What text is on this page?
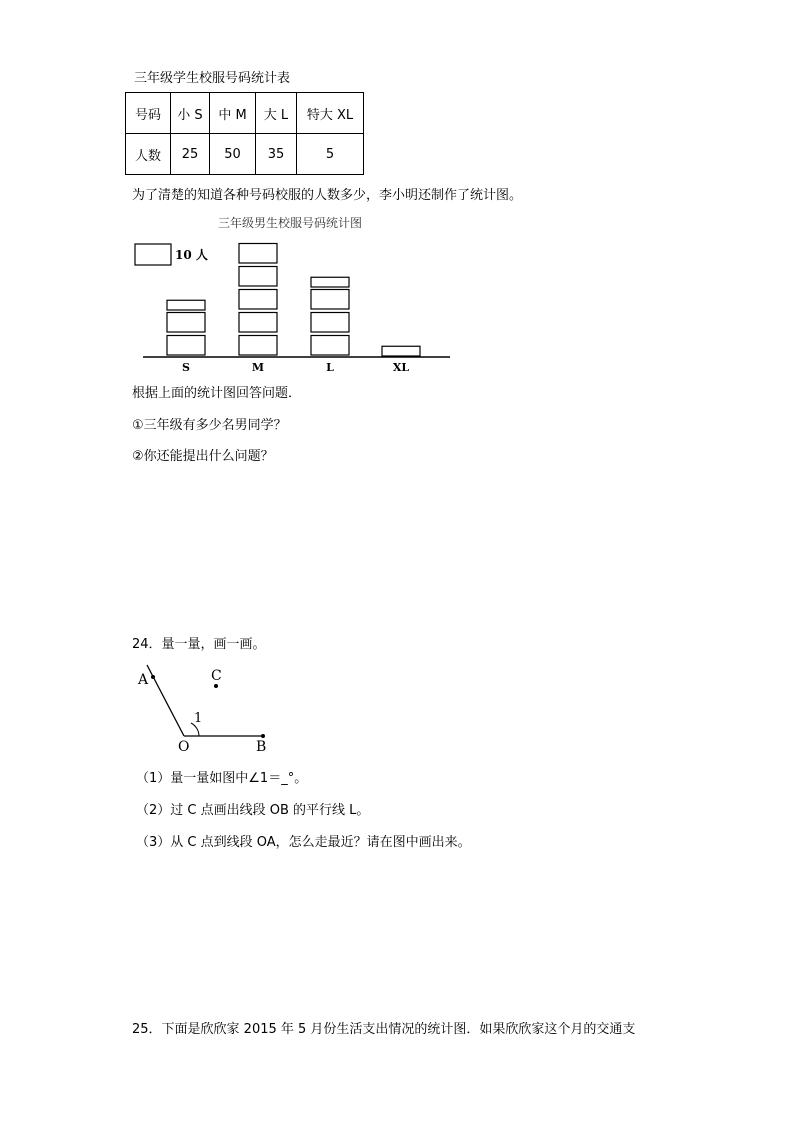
三年级学生校服号码统计表
号码	小 S	中 M	大 L	特大 XL
人数	25	50	35	5
为了清楚的知道各种号码校服的人数多少，李小明还制作了统计图。
三年级男生校服号码统计图
10 人
S	M	L	XL
根据上面的统计图回答问题．
①三年级有多少名男同学？
②你还能提出什么问题？
24．量一量，画一画。
A	C
1
O	B
（1）量一量如图中∠1＝_°。
（2）过 C 点画出线段 OB 的平行线 L。
（3）从 C 点到线段 OA，怎么走最近？请在图中画出来。
25．下面是欣欣家 2015 年 5 月份生活支出情况的统计图．如果欣欣家这个月的交通支
